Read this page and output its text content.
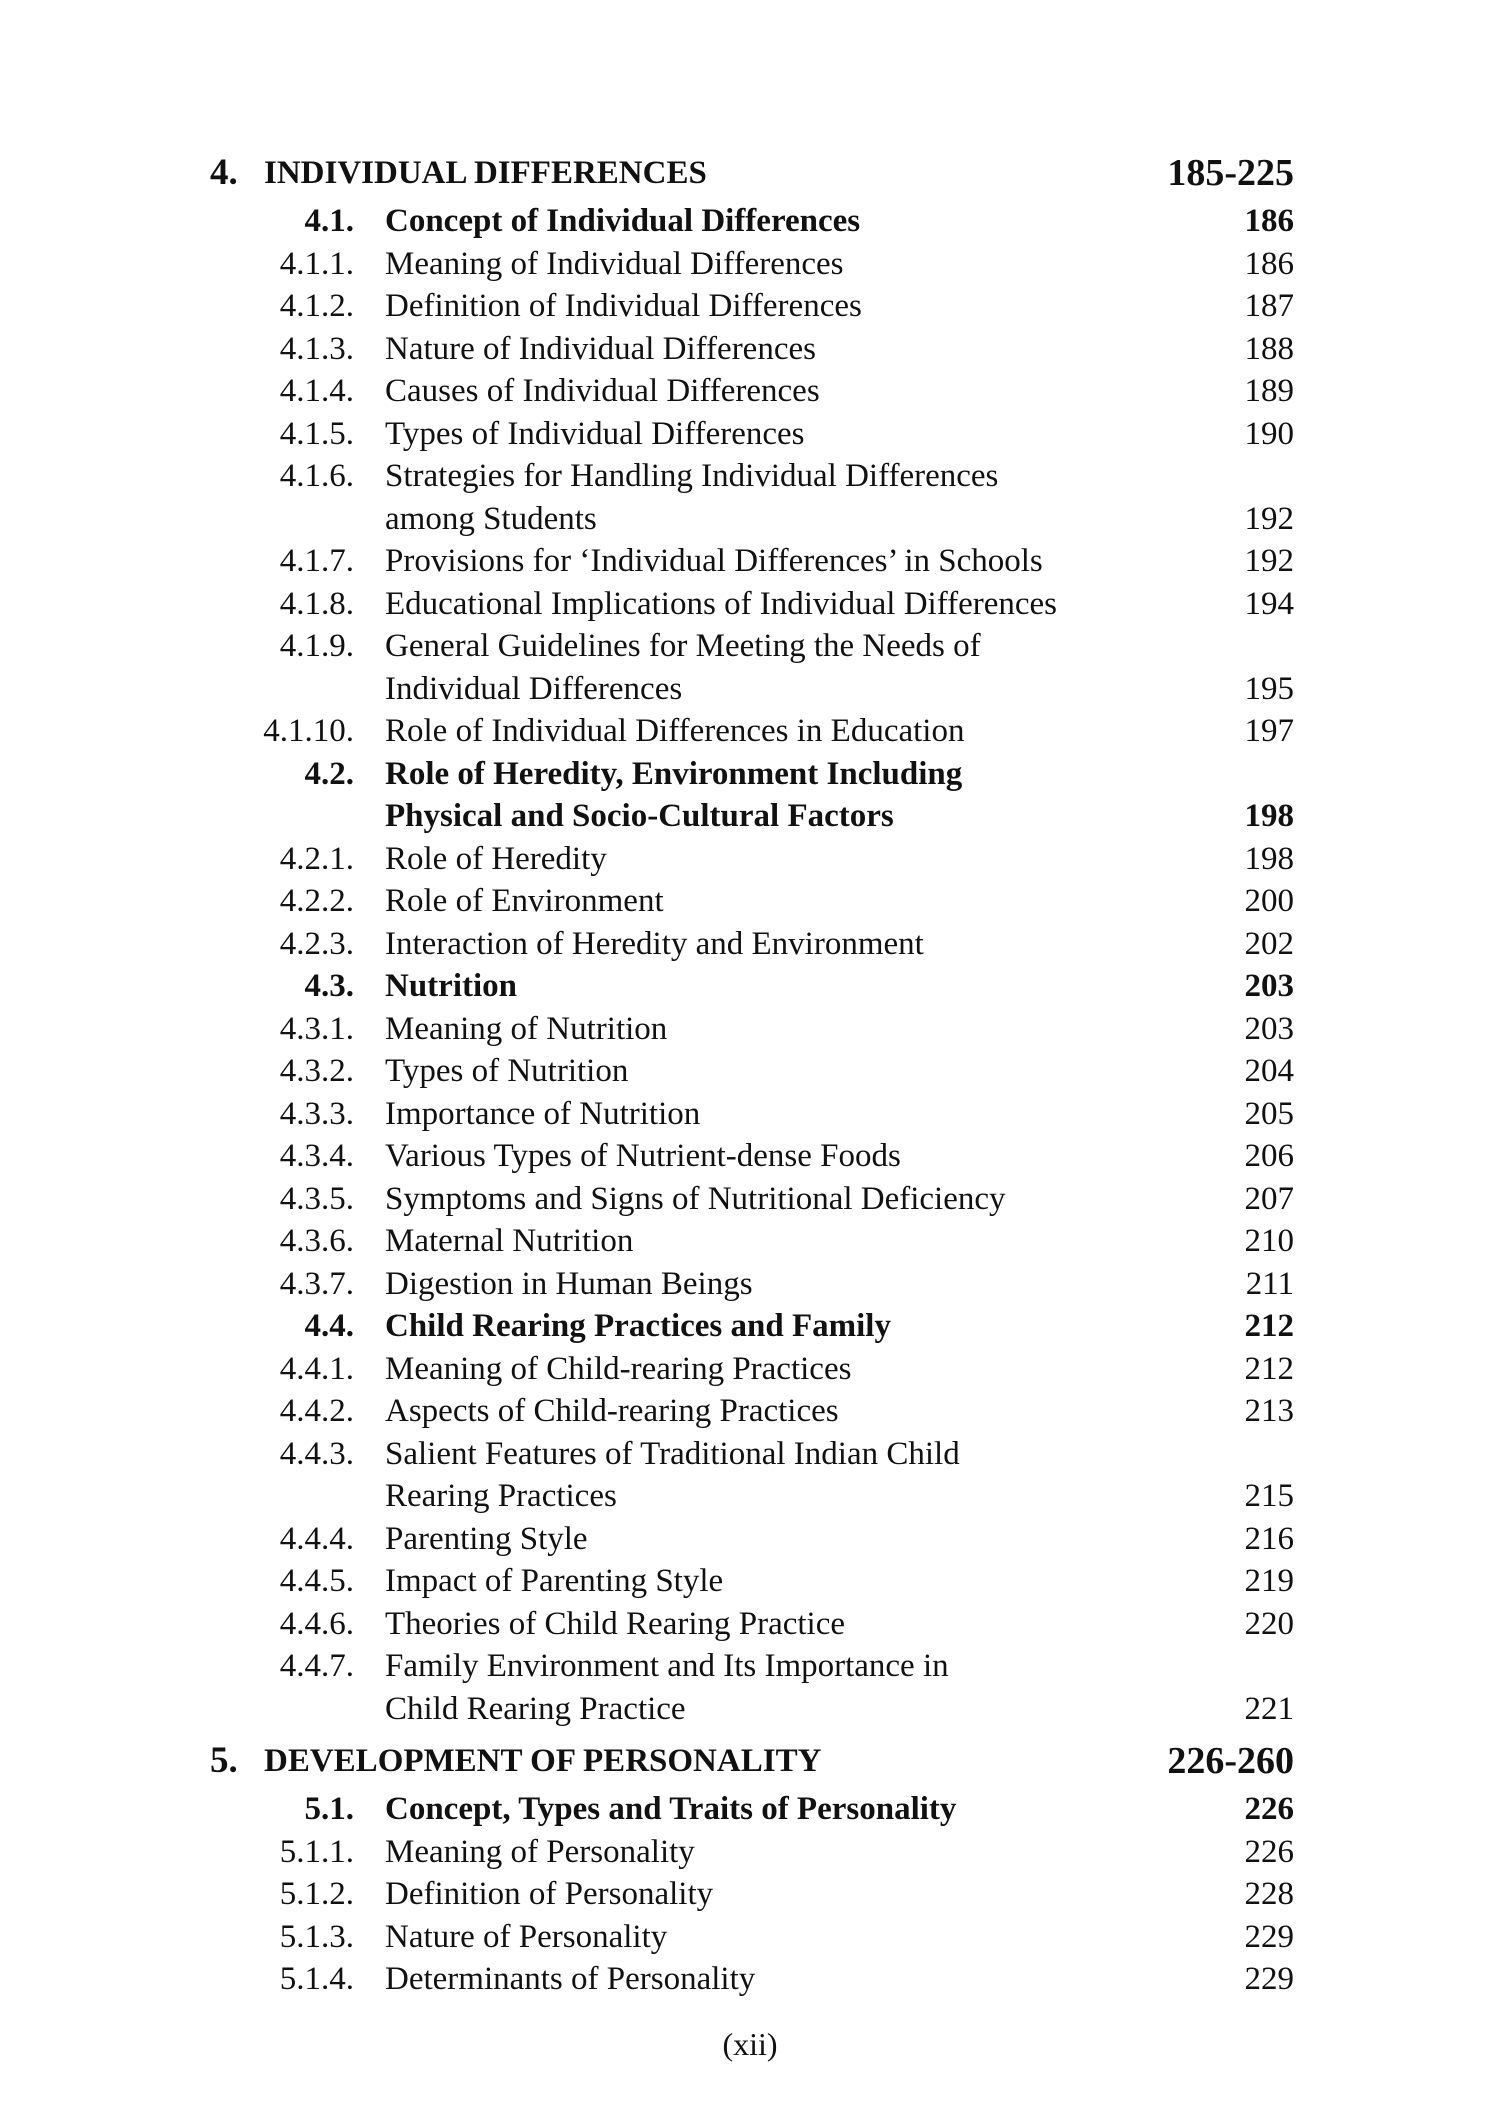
4. INDIVIDUAL DIFFERENCES	185-225
4.1. Concept of Individual Differences	186
4.1.1. Meaning of Individual Differences	186
4.1.2. Definition of Individual Differences	187
4.1.3. Nature of Individual Differences	188
4.1.4. Causes of Individual Differences	189
4.1.5. Types of Individual Differences	190
4.1.6. Strategies for Handling Individual Differences
among Students	192
4.1.7. Provisions for ‘Individual Differences’ in Schools	192
4.1.8. Educational Implications of Individual Differences	194
4.1.9. General Guidelines for Meeting the Needs of
Individual Differences	195
4.1.10. Role of Individual Differences in Education	197
4.2. Role of Heredity, Environment Including
Physical and Socio-Cultural Factors	198
4.2.1. Role of Heredity	198
4.2.2. Role of Environment	200
4.2.3. Interaction of Heredity and Environment	202
4.3. Nutrition	203
4.3.1. Meaning of Nutrition	203
4.3.2. Types of Nutrition	204
4.3.3. Importance of Nutrition	205
4.3.4. Various Types of Nutrient-dense Foods	206
4.3.5. Symptoms and Signs of Nutritional Deficiency	207
4.3.6. Maternal Nutrition	210
4.3.7. Digestion in Human Beings	211
4.4. Child Rearing Practices and Family	212
4.4.1. Meaning of Child-rearing Practices	212
4.4.2. Aspects of Child-rearing Practices	213
4.4.3. Salient Features of Traditional Indian Child
Rearing Practices	215
4.4.4. Parenting Style	216
4.4.5. Impact of Parenting Style	219
4.4.6. Theories of Child Rearing Practice	220
4.4.7. Family Environment and Its Importance in
Child Rearing Practice	221
5. DEVELOPMENT OF PERSONALITY	226-260
5.1. Concept, Types and Traits of Personality	226
5.1.1. Meaning of Personality	226
5.1.2. Definition of Personality	228
5.1.3. Nature of Personality	229
5.1.4. Determinants of Personality	229
(xii)
